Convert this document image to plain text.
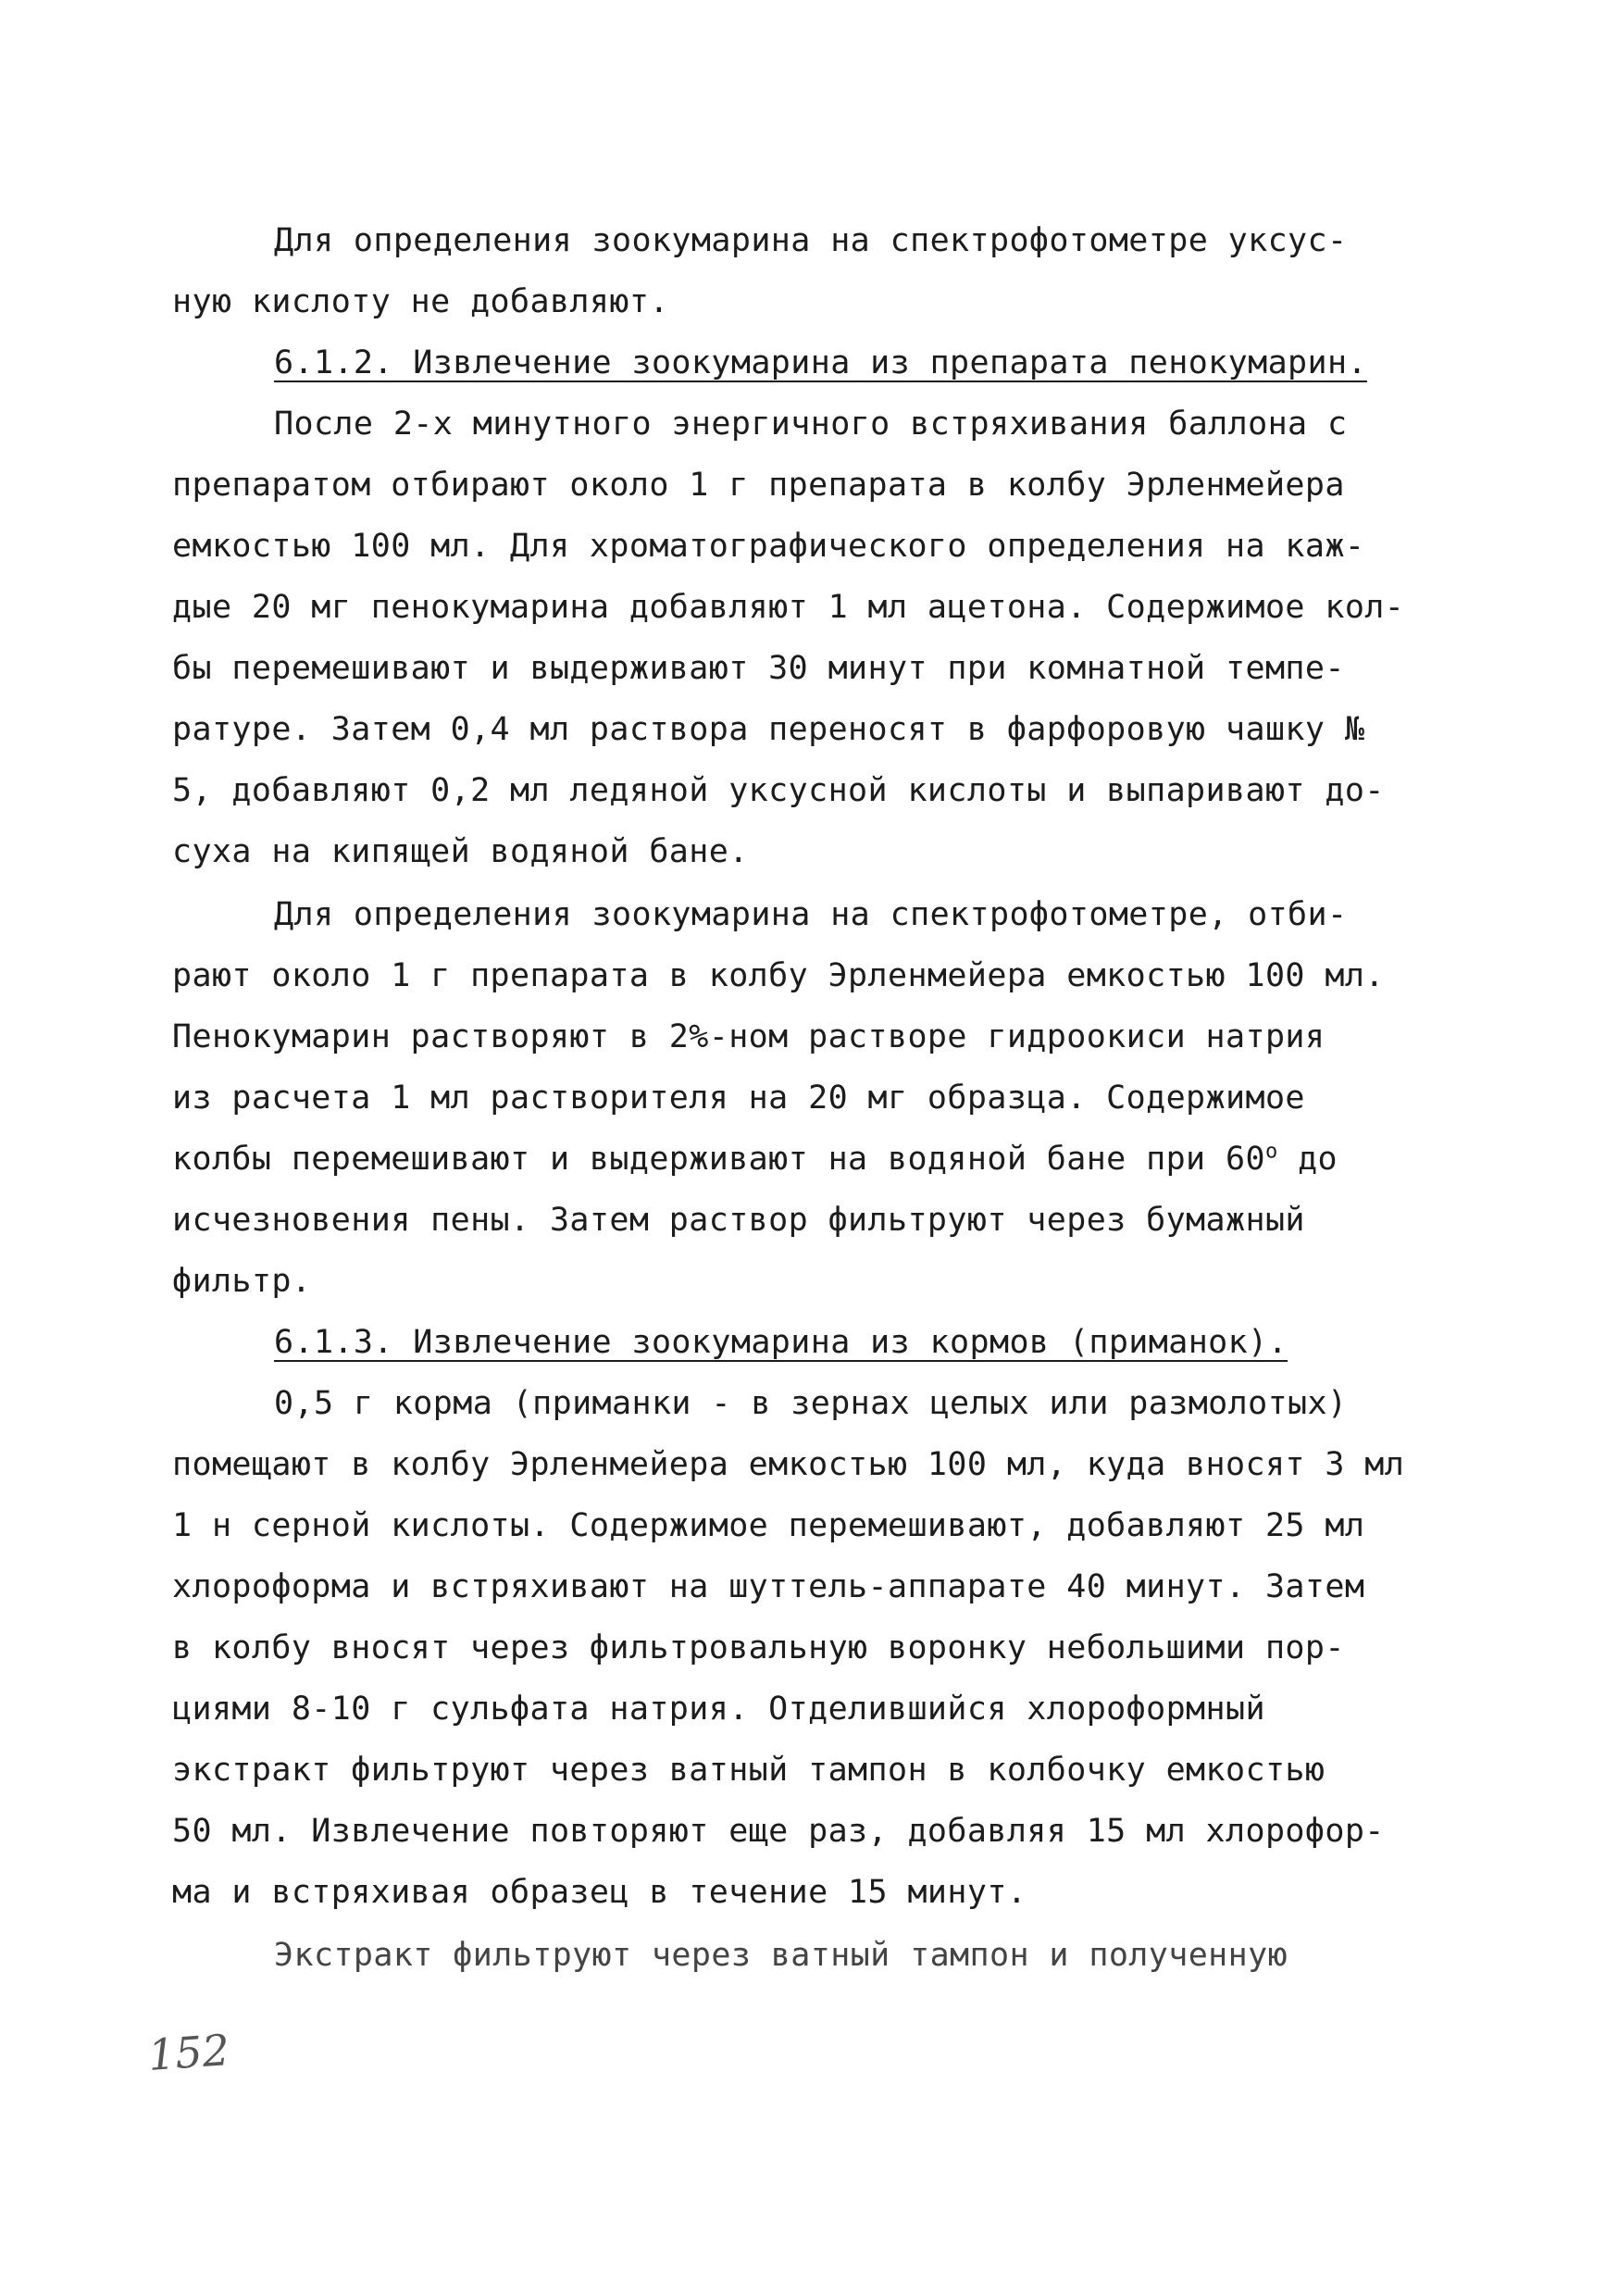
Для определения зоокумарина на спектрофотометре уксус-
ную кислоту не добавляют.
6.1.2. Извлечение зоокумарина из препарата пенокумарин.
После 2-х минутного энергичного встряхивания баллона с
препаратом отбирают около 1 г препарата в колбу Эрленмейера
емкостью 100 мл. Для хроматографического определения на каж-
дые 20 мг пенокумарина добавляют 1 мл ацетона. Содержимое кол-
бы перемешивают и выдерживают 30 минут при комнатной темпе-
ратуре. Затем 0,4 мл раствора переносят в фарфоровую чашку №
5, добавляют 0,2 мл ледяной уксусной кислоты и выпаривают до-
суха на кипящей водяной бане.
Для определения зоокумарина на спектрофотометре, отби-
рают около 1 г препарата в колбу Эрленмейера емкостью 100 мл.
Пенокумарин растворяют в 2%-ном растворе гидроокиси натрия
из расчета 1 мл растворителя на 20 мг образца. Содержимое
колбы перемешивают и выдерживают на водяной бане при $60^о$ до
исчезновения пены. Затем раствор фильтруют через бумажный
фильтр.
6.1.3. Извлечение зоокумарина из кормов (приманок).
0,5 г корма (приманки - в зернах целых или размолотых)
помещают в колбу Эрленмейера емкостью 100 мл, куда вносят 3 мл
1 н серной кислоты. Содержимое перемешивают, добавляют 25 мл
хлороформа и встряхивают на шуттель-аппарате 40 минут. Затем
в колбу вносят через фильтровальную воронку небольшими пор-
циями 8-10 г сульфата натрия. Отделившийся хлороформный
экстракт фильтруют через ватный тампон в колбочку емкостью
50 мл. Извлечение повторяют еще раз, добавляя 15 мл хлорофор-
ма и встряхивая образец в течение 15 минут.
Экстракт фильтруют через ватный тампон и полученную
152
